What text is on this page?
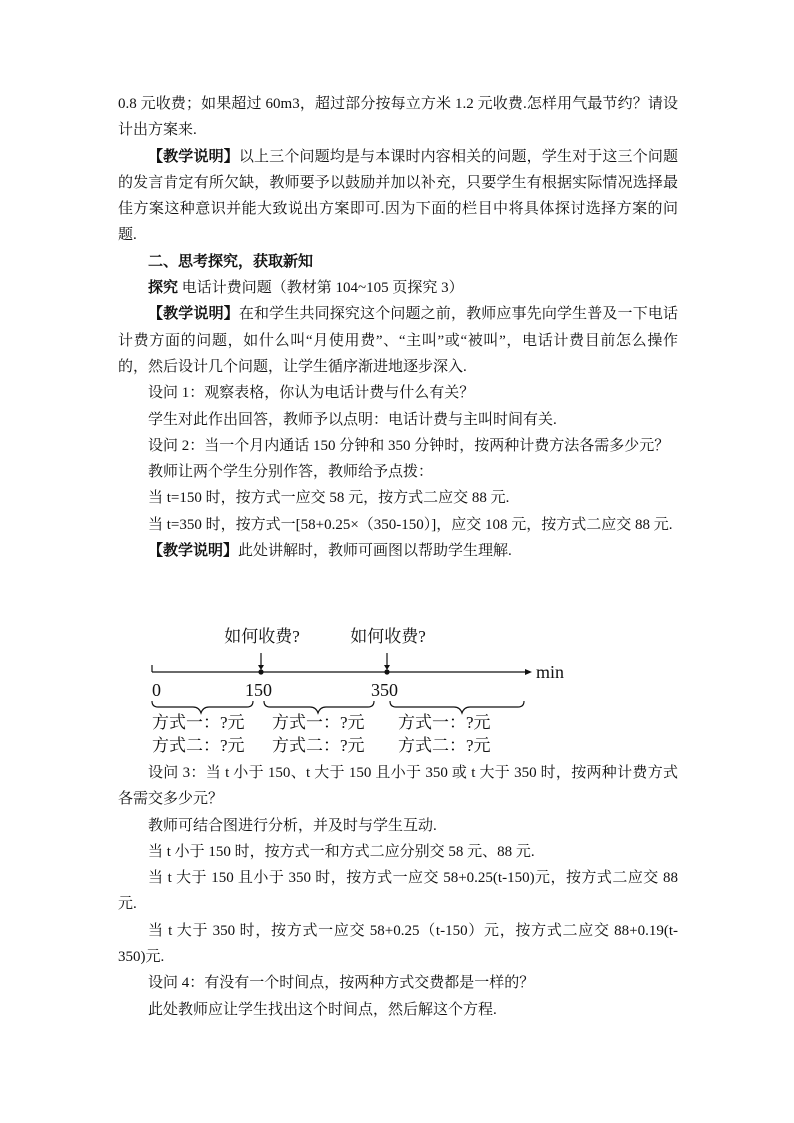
0.8 元收费；如果超过 60m3，超过部分按每立方米 1.2 元收费.怎样用气最节约？请设计出方案来.

【教学说明】以上三个问题均是与本课时内容相关的问题，学生对于这三个问题的发言肯定有所欠缺，教师要予以鼓励并加以补充，只要学生有根据实际情况选择最佳方案这种意识并能大致说出方案即可.因为下面的栏目中将具体探讨选择方案的问题.

二、思考探究，获取新知

探究 电话计费问题（教材第 104~105 页探究 3）

【教学说明】在和学生共同探究这个问题之前，教师应事先向学生普及一下电话计费方面的问题，如什么叫“月使用费”、“主叫”或“被叫”，电话计费目前怎么操作的，然后设计几个问题，让学生循序渐进地逐步深入.

设问 1：观察表格，你认为电话计费与什么有关？

学生对此作出回答，教师予以点明：电话计费与主叫时间有关.

设问 2：当一个月内通话 150 分钟和 350 分钟时，按两种计费方法各需多少元？

教师让两个学生分别作答，教师给予点拨：

当 t=150 时，按方式一应交 58 元，按方式二应交 88 元.

当 t=350 时，按方式一[58+0.25×（350-150）]，应交 108 元，按方式二应交 88 元.

【教学说明】此处讲解时，教师可画图以帮助学生理解.

如何收费?	如何收费?
min
0	150	350
方式一：?元
方式二：?元
方式一：?元
方式二：?元
方式一：?元
方式二：?元

设问 3：当 t 小于 150、t 大于 150 且小于 350 或 t 大于 350 时，按两种计费方式各需交多少元？

教师可结合图进行分析，并及时与学生互动.

当 t 小于 150 时，按方式一和方式二应分别交 58 元、88 元.

当 t 大于 150 且小于 350 时，按方式一应交 58+0.25(t-150)元，按方式二应交 88 元.

当 t 大于 350 时，按方式一应交 58+0.25（t-150）元，按方式二应交 88+0.19(t-350)元.

设问 4：有没有一个时间点，按两种方式交费都是一样的？

此处教师应让学生找出这个时间点，然后解这个方程.
